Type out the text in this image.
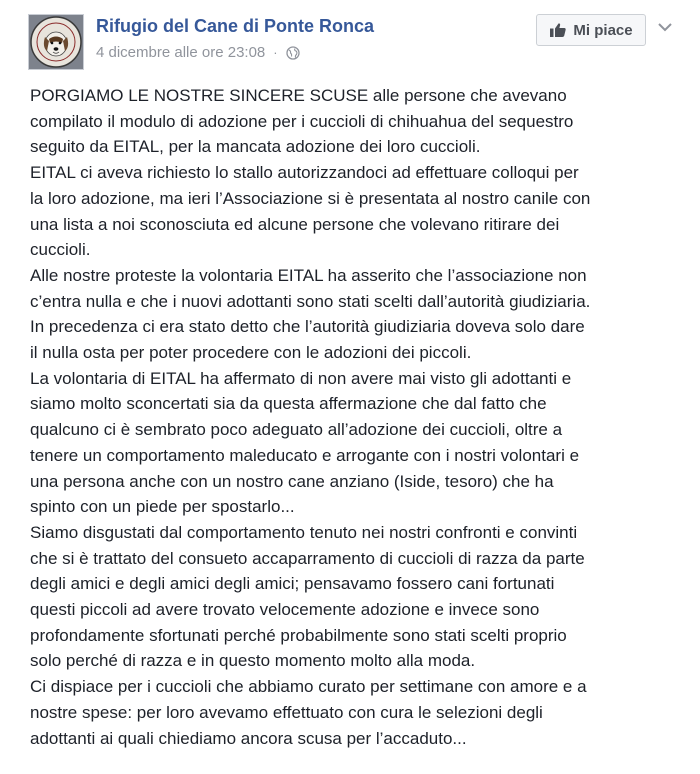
Rifugio del Cane di Ponte Ronca
4 dicembre alle ore 23:08 ·
Mi piace

PORGIAMO LE NOSTRE SINCERE SCUSE alle persone che avevano

compilato il modulo di adozione per i cuccioli di chihuahua del sequestro

seguito da EITAL, per la mancata adozione dei loro cuccioli.

EITAL ci aveva richiesto lo stallo autorizzandoci ad effettuare colloqui per

la loro adozione, ma ieri l’Associazione si è presentata al nostro canile con

una lista a noi sconosciuta ed alcune persone che volevano ritirare dei

cuccioli.

Alle nostre proteste la volontaria EITAL ha asserito che l’associazione non

c’entra nulla e che i nuovi adottanti sono stati scelti dall’autorità giudiziaria.

In precedenza ci era stato detto che l’autorità giudiziaria doveva solo dare

il nulla osta per poter procedere con le adozioni dei piccoli.

La volontaria di EITAL ha affermato di non avere mai visto gli adottanti e

siamo molto sconcertati sia da questa affermazione che dal fatto che

qualcuno ci è sembrato poco adeguato all’adozione dei cuccioli, oltre a

tenere un comportamento maleducato e arrogante con i nostri volontari e

una persona anche con un nostro cane anziano (Iside, tesoro) che ha

spinto con un piede per spostarlo...

Siamo disgustati dal comportamento tenuto nei nostri confronti e convinti

che si è trattato del consueto accaparramento di cuccioli di razza da parte

degli amici e degli amici degli amici; pensavamo fossero cani fortunati

questi piccoli ad avere trovato velocemente adozione e invece sono

profondamente sfortunati perché probabilmente sono stati scelti proprio

solo perché di razza e in questo momento molto alla moda.

Ci dispiace per i cuccioli che abbiamo curato per settimane con amore e a

nostre spese: per loro avevamo effettuato con cura le selezioni degli

adottanti ai quali chiediamo ancora scusa per l’accaduto...
